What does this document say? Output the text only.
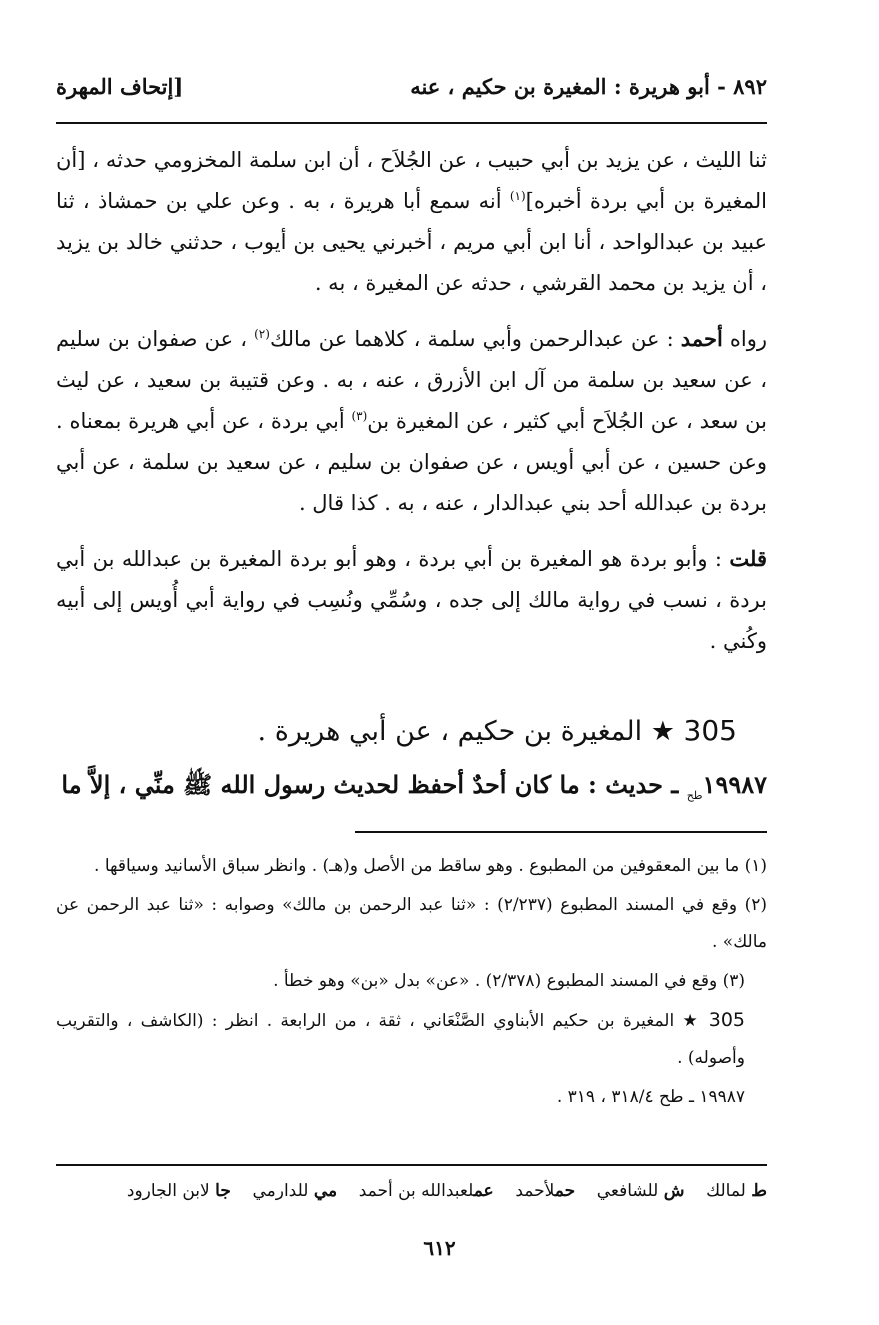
٨٩٢ - أبو هريرة : المغيرة بن حكيم ، عنه
[إتحاف المهرة

ثنا الليث ، عن يزيد بن أبي حبيب ، عن الجُلاَح ، أن ابن سلمة المخزومي حدثه ، [أن المغيرة بن أبي بردة أخبره]$^{(١)}$ أنه سمع أبا هريرة ، به . وعن علي بن حمشاذ ، ثنا عبيد بن عبدالواحد ، أنا ابن أبي مريم ، أخبرني يحيى بن أيوب ، حدثني خالد بن يزيد ، أن يزيد بن محمد القرشي ، حدثه عن المغيرة ، به .

رواه أحمد : عن عبدالرحمن وأبي سلمة ، كلاهما عن مالك$^{(٢)}$ ، عن صفوان بن سليم ، عن سعيد بن سلمة من آل ابن الأزرق ، عنه ، به . وعن قتيبة بن سعيد ، عن ليث بن سعد ، عن الجُلاَح أبي كثير ، عن المغيرة بن$^{(٣)}$ أبي بردة ، عن أبي هريرة بمعناه . وعن حسين ، عن أبي أويس ، عن صفوان بن سليم ، عن سعيد بن سلمة ، عن أبي بردة بن عبدالله أحد بني عبدالدار ، عنه ، به . كذا قال .

قلت : وأبو بردة هو المغيرة بن أبي بردة ، وهو أبو بردة المغيرة بن عبدالله بن أبي بردة ، نسب في رواية مالك إلى جده ، وسُمِّي ونُسِب في رواية أبي أُويس إلى أبيه وكُني .

305 ★ المغيرة بن حكيم ، عن أبي هريرة .
$١٩٩٨٧_{طح}$ ـ حديث : ما كان أحدٌ أحفظ لحديث رسول الله ﷺ منِّي ، إلاَّ ما

(١) ما بين المعقوفين من المطبوع . وهو ساقط من الأصل و(هـ) . وانظر سباق الأسانيد وسياقها .

(٢) وقع في المسند المطبوع (٢/٢٣٧) : «ثنا عبد الرحمن بن مالك» وصوابه : «ثنا عبد الرحمن عن مالك» .

(٣) وقع في المسند المطبوع (٢/٣٧٨) . «عن» بدل «بن» وهو خطأ .

305 ★ المغيرة بن حكيم الأبناوي الصَّنْعَاني ، ثقة ، من الرابعة . انظر : (الكاشف ، والتقريب وأصوله) .

١٩٩٨٧ ـ طح ٣١٨/٤ ، ٣١٩ .

ط لمالك    ش للشافعي    حملأحمد    عملعبدالله بن أحمد    مي للدارمي    جا لابن الجارود
٦١٢
